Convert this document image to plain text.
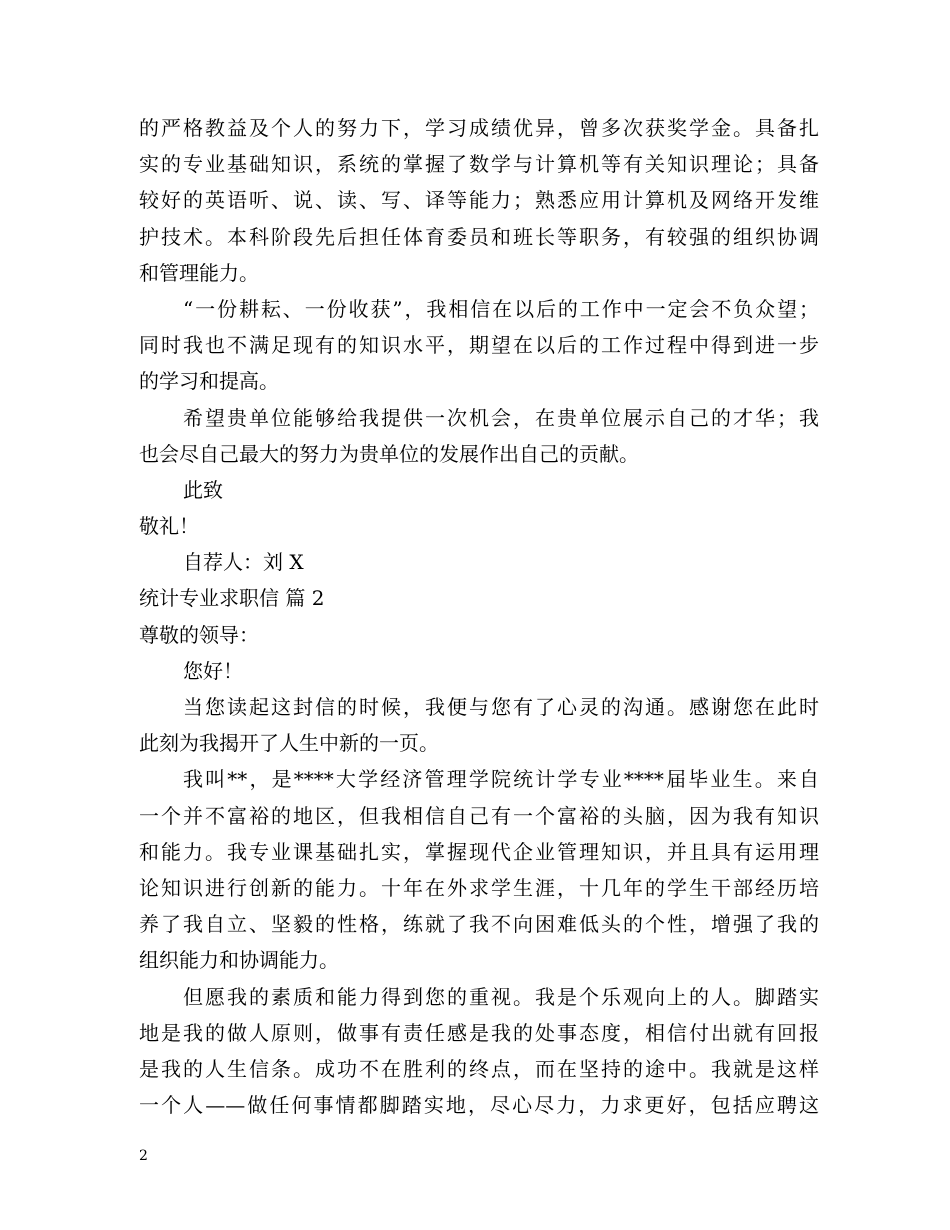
的严格教益及个人的努力下，学习成绩优异，曾多次获奖学金。具备扎
实的专业基础知识，系统的掌握了数学与计算机等有关知识理论；具备
较好的英语听、说、读、写、译等能力；熟悉应用计算机及网络开发维
护技术。本科阶段先后担任体育委员和班长等职务，有较强的组织协调
和管理能力。
“一份耕耘、一份收获”，我相信在以后的工作中一定会不负众望；
同时我也不满足现有的知识水平，期望在以后的工作过程中得到进一步
的学习和提高。
希望贵单位能够给我提供一次机会，在贵单位展示自己的才华；我
也会尽自己最大的努力为贵单位的发展作出自己的贡献。
此致
敬礼！
自荐人：刘 X
统计专业求职信 篇 2
尊敬的领导：
您好！
当您读起这封信的时候，我便与您有了心灵的沟通。感谢您在此时
此刻为我揭开了人生中新的一页。
我叫**，是****大学经济管理学院统计学专业****届毕业生。来自
一个并不富裕的地区，但我相信自己有一个富裕的头脑，因为我有知识
和能力。我专业课基础扎实，掌握现代企业管理知识，并且具有运用理
论知识进行创新的能力。十年在外求学生涯，十几年的学生干部经历培
养了我自立、坚毅的性格，练就了我不向困难低头的个性，增强了我的
组织能力和协调能力。
但愿我的素质和能力得到您的重视。我是个乐观向上的人。脚踏实
地是我的做人原则，做事有责任感是我的处事态度，相信付出就有回报
是我的人生信条。成功不在胜利的终点，而在坚持的途中。我就是这样
一个人——做任何事情都脚踏实地，尽心尽力，力求更好，包括应聘这
2
